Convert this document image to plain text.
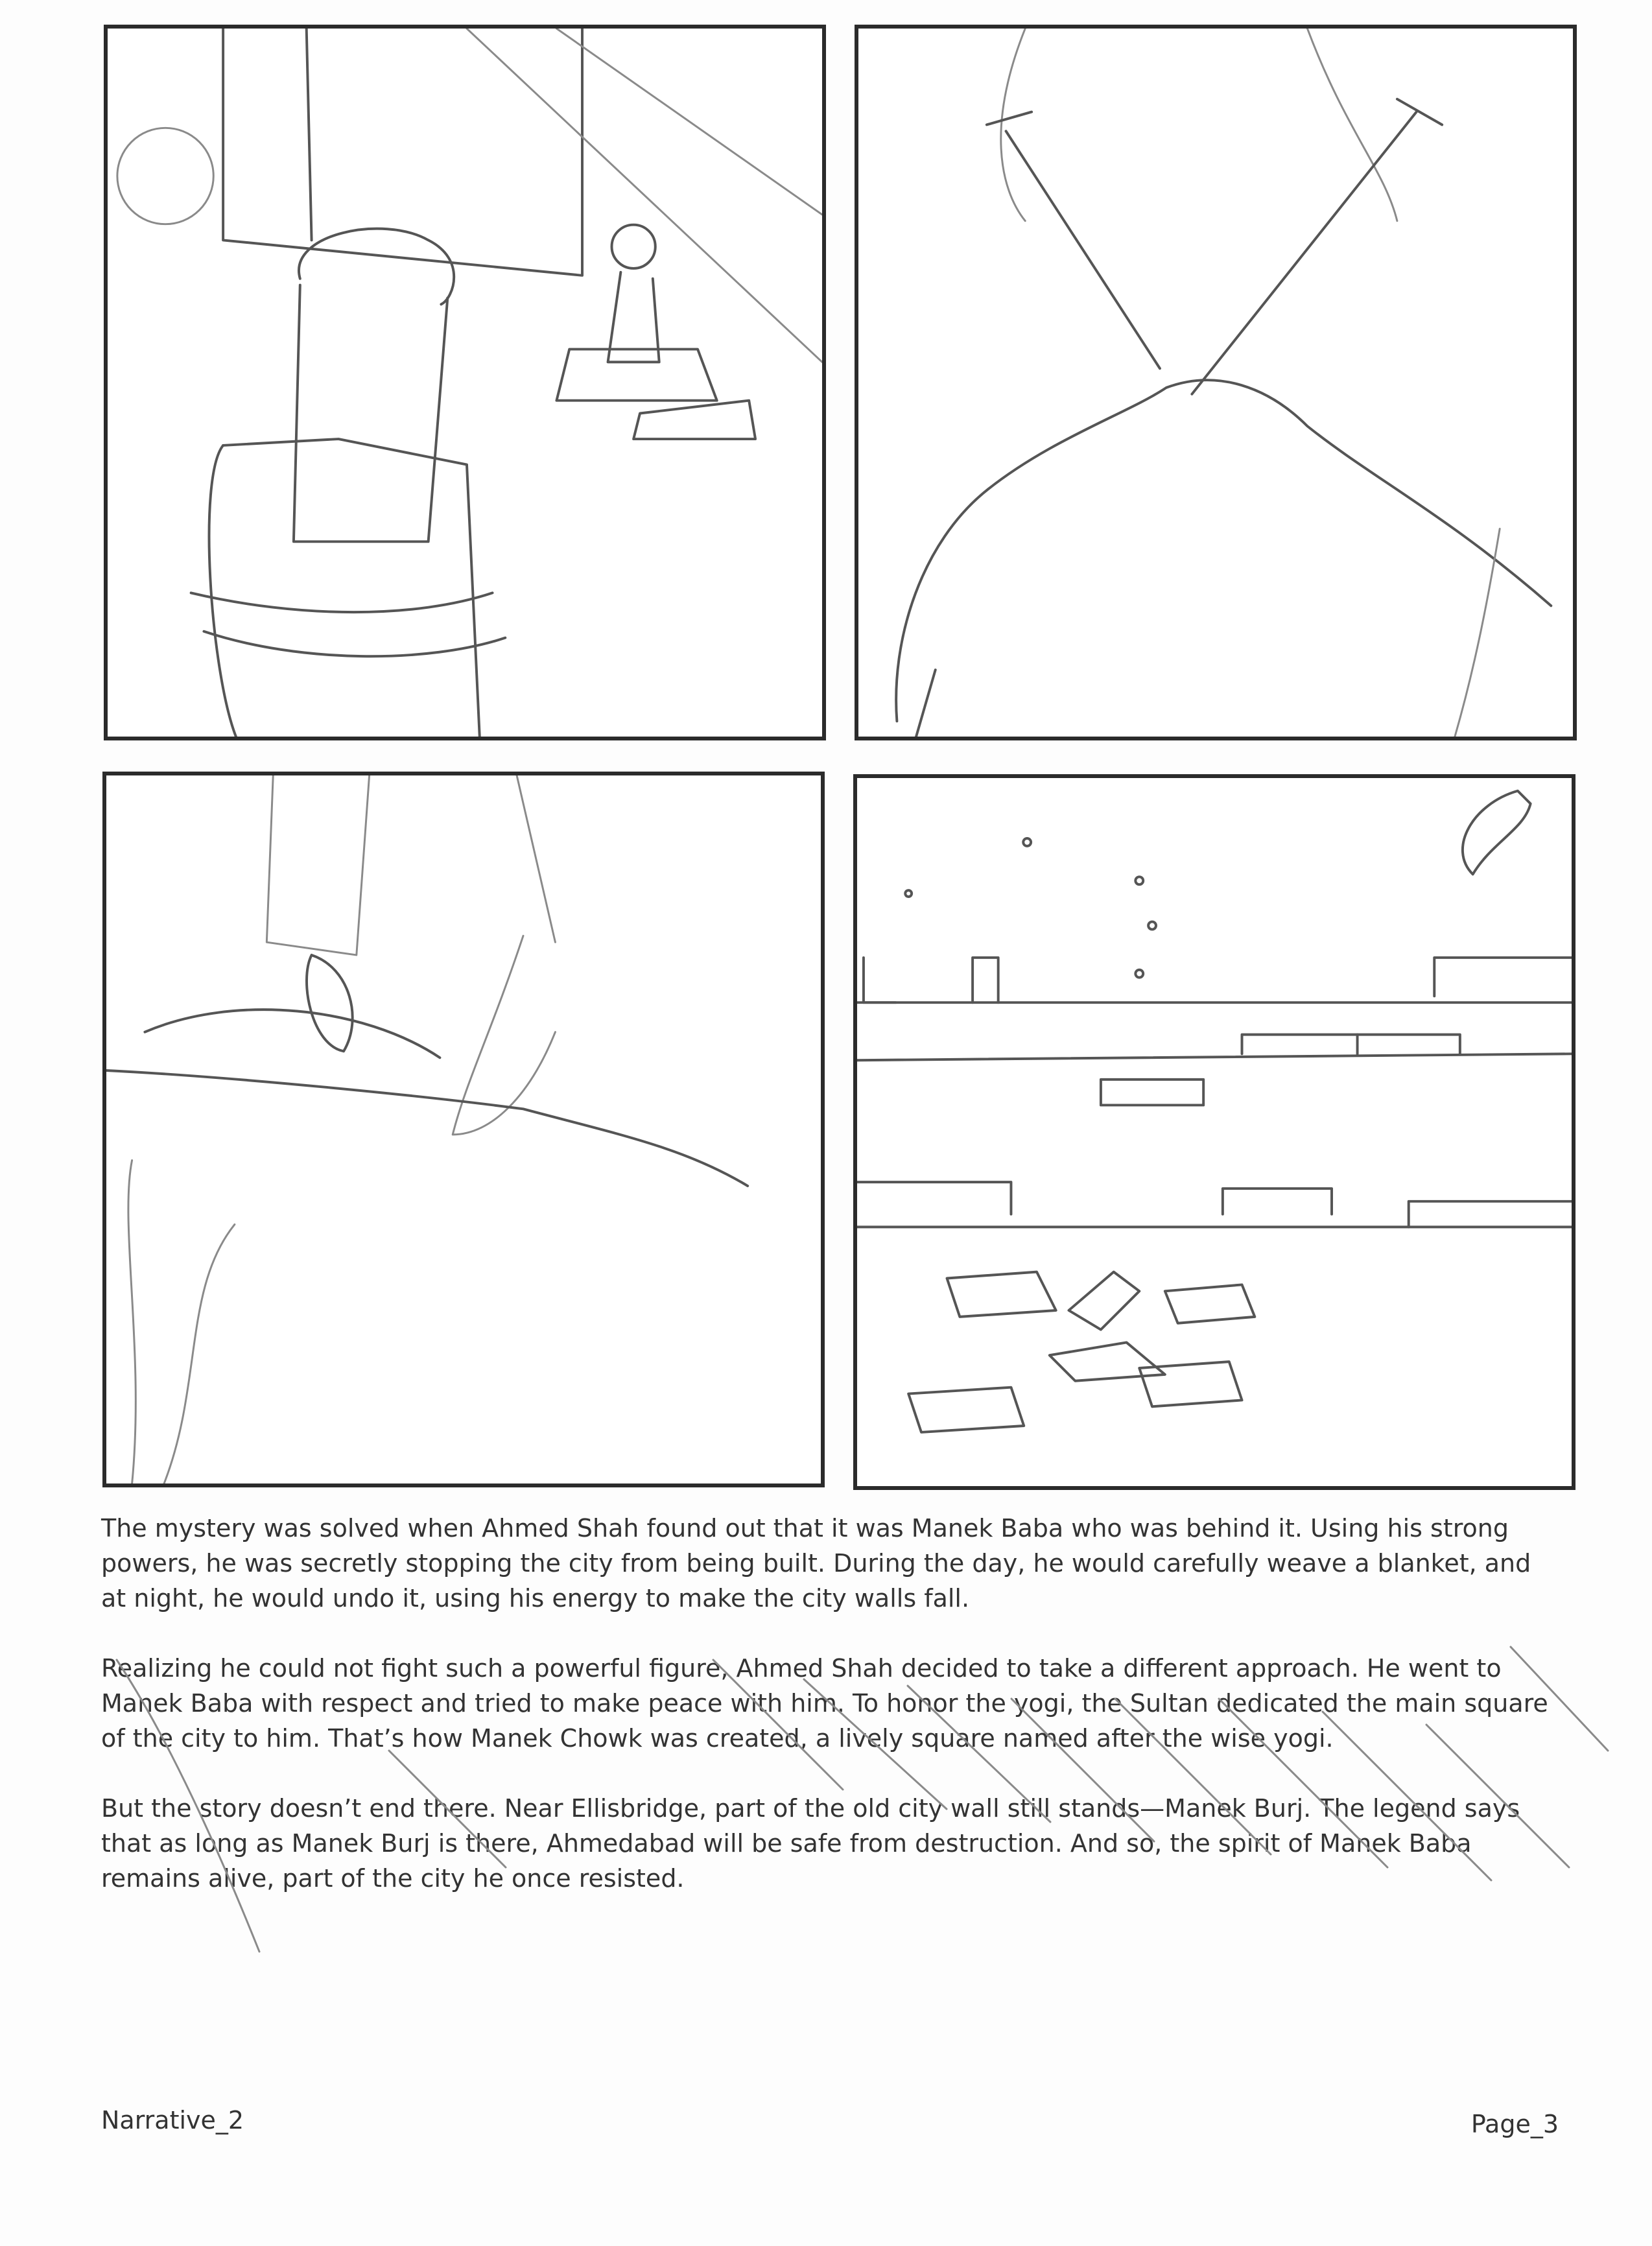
The mystery was solved when Ahmed Shah found out that it was Manek Baba who was behind it. Using his strong powers, he was secretly stopping the city from being built. During the day, he would carefully weave a blanket, and at night, he would undo it, using his energy to make the city walls fall.

Realizing he could not fight such a powerful figure, Ahmed Shah decided to take a different approach. He went to Manek Baba with respect and tried to make peace with him. To honor the yogi, the Sultan dedicated the main square of the city to him. That’s how Manek Chowk was created, a lively square named after the wise yogi.

But the story doesn’t end there. Near Ellisbridge, part of the old city wall still stands—Manek Burj. The legend says that as long as Manek Burj is there, Ahmedabad will be safe from destruction. And so, the spirit of Manek Baba remains alive, part of the city he once resisted.

Narrative_2	Page_3
